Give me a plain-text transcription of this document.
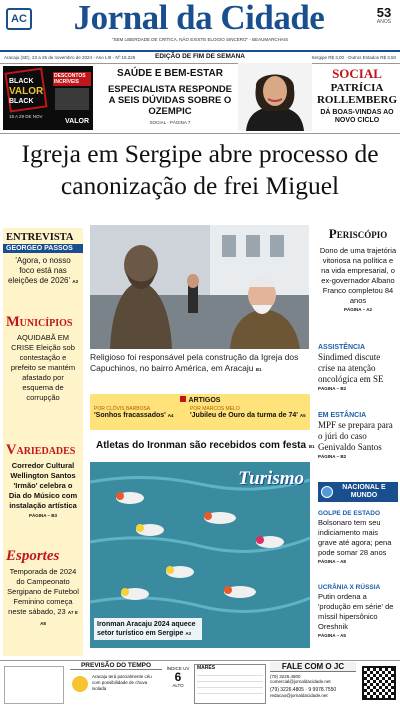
AC	Jornal da Cidade
"SEM LIBERDADE DE CRÍTICA, NÃO EXISTE ELOGIO SINCERO" - BEAUMARCHAIS
53
ANOS
Aracaju (SE), 23 a 25 de novembro de 2024 - Ano LIII - Nº 15.226	EDIÇÃO DE FIM DE SEMANA	Sergipe R$ 3,00 · Outros Estados R$ 3,50
BLACK
VALOR
BLACK
DESCONTOS INCRÍVEIS
18 A 29 DE NOV
VALOR
SAÚDE E BEM-ESTAR
ESPECIALISTA RESPONDE A SEIS DÚVIDAS SOBRE O OZEMPIC
SOCIAL - PÁGINA 7
SOCIAL
PATRÍCIA ROLLEMBERG
DÁ BOAS-VINDAS AO NOVO CICLO
Igreja em Sergipe abre processo de canonização de frei Miguel
ENTREVISTA
GEORGEO PASSOS
'Agora, o nosso foco está nas eleições de 2026' A3
Municípios
AQUIDABÃ EM CRISE Eleição sob contestação e prefeito se mantém afastado por esquema de corrupção
Variedades
Corredor Cultural Wellington Santos 'Irmão' celebra o Dia do Músico com instalação artística
PÁGINA – B3
Esportes
Temporada de 2024 do Campeonato Sergipano de Futebol Feminino começa neste sábado, 23 A7 E A8
Religioso foi responsável pela construção da Igreja dos Capuchinos, no bairro América, em Aracaju B1
ARTIGOS
POR CLÓVIS BARBOSA
'Sonhos fracassados' A4
POR MARCOS MELO
'Jubileu de Ouro da turma de 74' A5
Atletas do Ironman são recebidos com festa B1
Turismo
Ironman Aracaju 2024 aquece setor turístico em Sergipe A3
Periscópio
Dono de uma trajetória vitoriosa na política e na vida empresarial, o ex-governador Albano Franco completou 84 anos
PÁGINA – A2
ASSISTÊNCIA
Sindimed discute crise na atenção oncológica em SE
PÁGINA – B2
EM ESTÂNCIA
MPF se prepara para o júri do caso Genivaldo Santos
PÁGINA – B2
NACIONAL E MUNDO
GOLPE DE ESTADO
Bolsonaro tem seu indiciamento mais grave até agora; pena pode somar 28 anos
PÁGINA – A8
UCRÂNIA X RÚSSIA
Putin ordena a 'produção em série' de míssil hipersônico Oreshnik
PÁGINA – A5
PREVISÃO DO TEMPO
Aracaju terá parcialmente céu com possibilidade de chuva isolada
ÍNDICE UV
6
ALTO
MARÉS	FALE COM O JC
(79) 3226.4800
comercial@jornaldacidade.net
(79) 3226.4805 · 9 9978.7550
redacao@jornaldacidade.net
